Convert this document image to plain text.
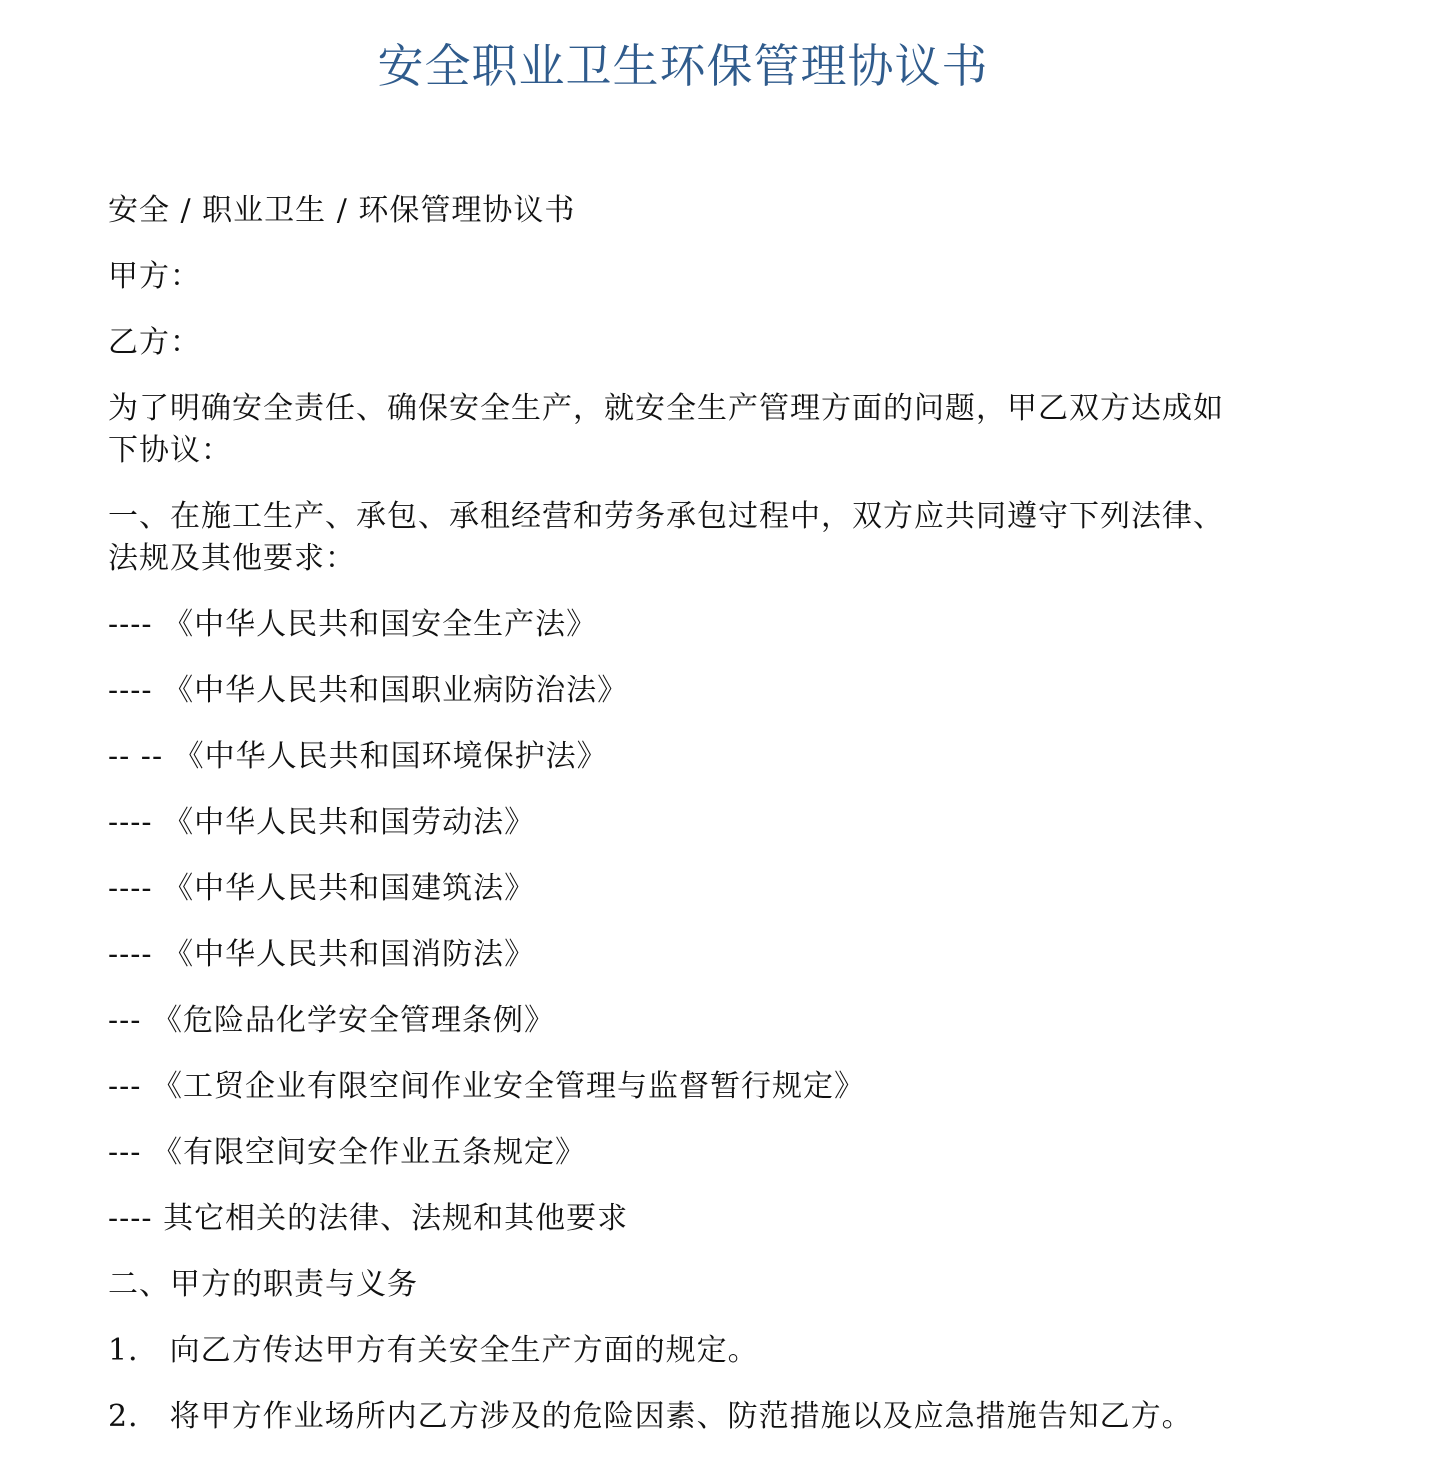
安全职业卫生环保管理协议书

安全 / 职业卫生 / 环保管理协议书

甲方：

乙方：

为了明确安全责任、确保安全生产，就安全生产管理方面的问题，甲乙双方达成如
下协议：

一、在施工生产、承包、承租经营和劳务承包过程中，双方应共同遵守下列法律、
法规及其他要求：

---- 《中华人民共和国安全生产法》

---- 《中华人民共和国职业病防治法》

-- -- 《中华人民共和国环境保护法》

---- 《中华人民共和国劳动法》

---- 《中华人民共和国建筑法》

---- 《中华人民共和国消防法》

--- 《危险品化学安全管理条例》

--- 《工贸企业有限空间作业安全管理与监督暂行规定》

--- 《有限空间安全作业五条规定》

---- 其它相关的法律、法规和其他要求

二、甲方的职责与义务

1． 向乙方传达甲方有关安全生产方面的规定。

2． 将甲方作业场所内乙方涉及的危险因素、防范措施以及应急措施告知乙方。
